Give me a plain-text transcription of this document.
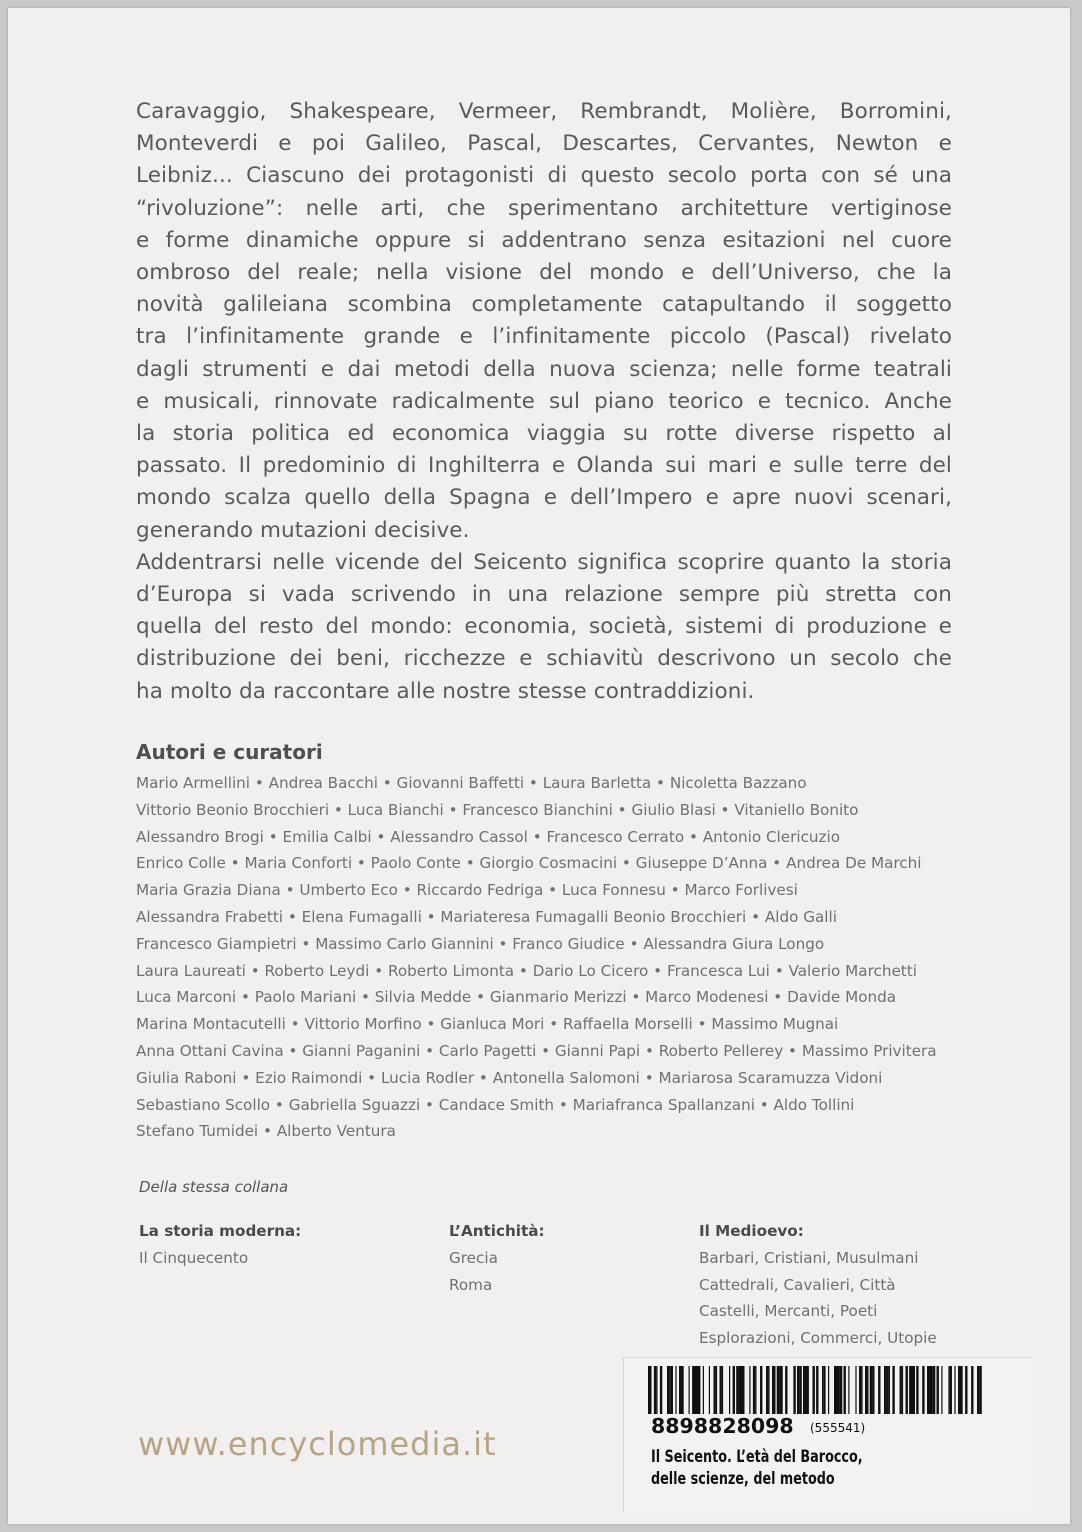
Caravaggio, Shakespeare, Vermeer, Rembrandt, Molière, Borromini,
Monteverdi e poi Galileo, Pascal, Descartes, Cervantes, Newton e
Leibniz... Ciascuno dei protagonisti di questo secolo porta con sé una
“rivoluzione”: nelle arti, che sperimentano architetture vertiginose
e forme dinamiche oppure si addentrano senza esitazioni nel cuore
ombroso del reale; nella visione del mondo e dell’Universo, che la
novità galileiana scombina completamente catapultando il soggetto
tra l’infinitamente grande e l’infinitamente piccolo (Pascal) rivelato
dagli strumenti e dai metodi della nuova scienza; nelle forme teatrali
e musicali, rinnovate radicalmente sul piano teorico e tecnico. Anche
la storia politica ed economica viaggia su rotte diverse rispetto al
passato. Il predominio di Inghilterra e Olanda sui mari e sulle terre del
mondo scalza quello della Spagna e dell’Impero e apre nuovi scenari,
generando mutazioni decisive.

Addentrarsi nelle vicende del Seicento significa scoprire quanto la storia
d’Europa si vada scrivendo in una relazione sempre più stretta con
quella del resto del mondo: economia, società, sistemi di produzione e
distribuzione dei beni, ricchezze e schiavitù descrivono un secolo che
ha molto da raccontare alle nostre stesse contraddizioni.

Autori e curatori
Mario Armellini • Andrea Bacchi • Giovanni Baffetti • Laura Barletta • Nicoletta Bazzano
Vittorio Beonio Brocchieri • Luca Bianchi • Francesco Bianchini • Giulio Blasi • Vitaniello Bonito
Alessandro Brogi • Emilia Calbi • Alessandro Cassol • Francesco Cerrato • Antonio Clericuzio
Enrico Colle • Maria Conforti • Paolo Conte • Giorgio Cosmacini • Giuseppe D’Anna • Andrea De Marchi
Maria Grazia Diana • Umberto Eco • Riccardo Fedriga • Luca Fonnesu • Marco Forlivesi
Alessandra Frabetti • Elena Fumagalli • Mariateresa Fumagalli Beonio Brocchieri • Aldo Galli
Francesco Giampietri • Massimo Carlo Giannini • Franco Giudice • Alessandra Giura Longo
Laura Laureati • Roberto Leydi • Roberto Limonta • Dario Lo Cicero • Francesca Lui • Valerio Marchetti
Luca Marconi • Paolo Mariani • Silvia Medde • Gianmario Merizzi • Marco Modenesi • Davide Monda
Marina Montacutelli • Vittorio Morfino • Gianluca Mori • Raffaella Morselli • Massimo Mugnai
Anna Ottani Cavina • Gianni Paganini • Carlo Pagetti • Gianni Papi • Roberto Pellerey • Massimo Privitera
Giulia Raboni • Ezio Raimondi • Lucia Rodler • Antonella Salomoni • Mariarosa Scaramuzza Vidoni
Sebastiano Scollo • Gabriella Sguazzi • Candace Smith • Mariafranca Spallanzani • Aldo Tollini
Stefano Tumidei • Alberto Ventura
Della stessa collana
La storia moderna:
Il Cinquecento
L’Antichità:
Grecia
Roma
Il Medioevo:
Barbari, Cristiani, Musulmani
Cattedrali, Cavalieri, Città
Castelli, Mercanti, Poeti
Esplorazioni, Commerci, Utopie
www.encyclomedia.it	8898828098 (555541)
Il Seicento. L’età del Barocco,
delle scienze, del metodo
